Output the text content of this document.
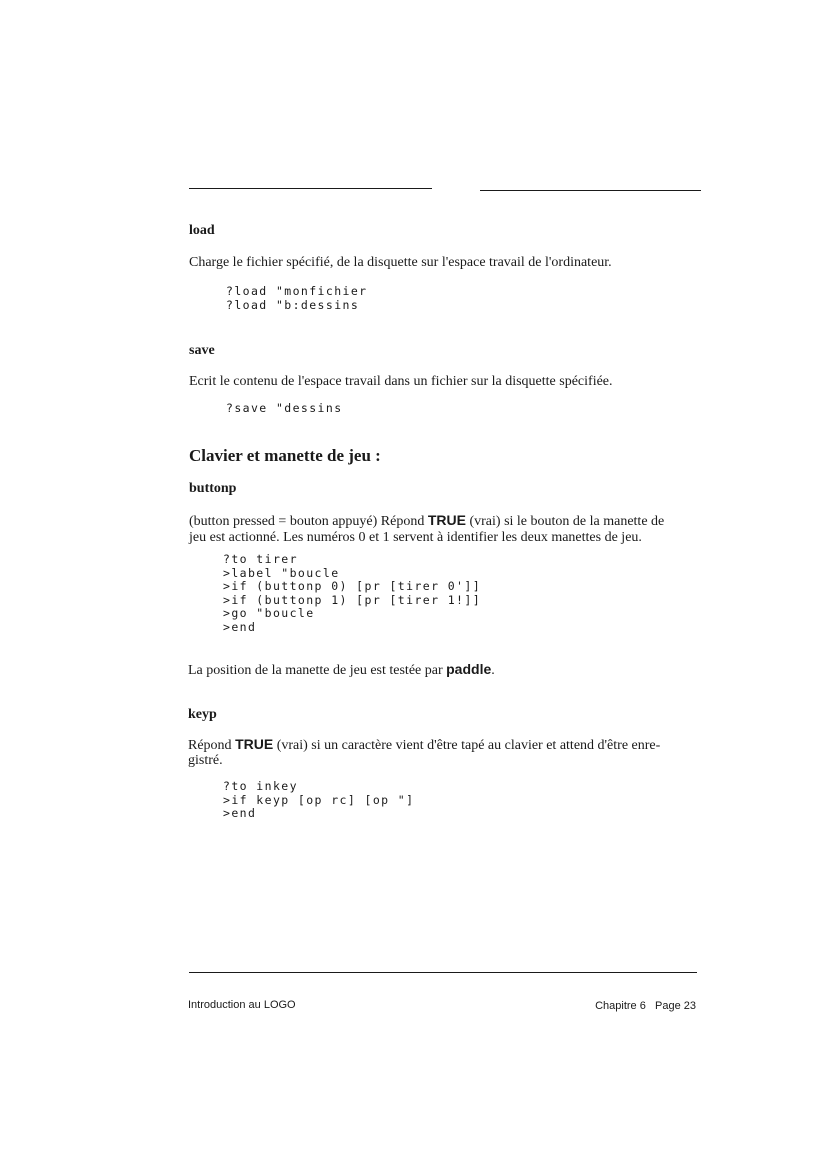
load
Charge le fichier spécifié, de la disquette sur l'espace travail de l'ordinateur.
?load "monfichier
?load "b:dessins
save
Ecrit le contenu de l'espace travail dans un fichier sur la disquette spécifiée.
?save "dessins
Clavier et manette de jeu :
buttonp
(button pressed = bouton appuyé) Répond TRUE (vrai) si le bouton de la manette de
jeu est actionné. Les numéros 0 et 1 servent à identifier les deux manettes de jeu.
?to tirer
>label "boucle
>if (buttonp 0) [pr [tirer 0']]
>if (buttonp 1) [pr [tirer 1!]]
>go "boucle
>end
La position de la manette de jeu est testée par paddle.
keyp
Répond TRUE (vrai) si un caractère vient d'être tapé au clavier et attend d'être enre-
gistré.
?to inkey
>if keyp [op rc] [op "]
>end
Introduction au LOGO	Chapitre 6   Page 23
